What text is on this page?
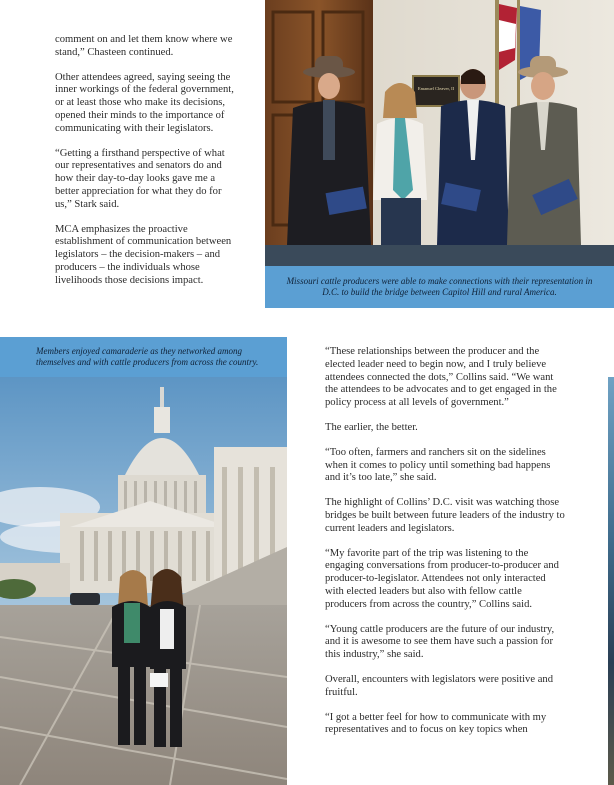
comment on and let them know where we stand,” Chasteen continued.

Other attendees agreed, saying seeing the inner workings of the federal government, or at least those who make its decisions, opened their minds to the importance of communicating with their legislators.

“Getting a firsthand perspective of what our representatives and senators do and how their day-to-day looks gave me a better appreciation for what they do for us,” Stark said.

MCA emphasizes the proactive establishment of communication between legislators – the decision-makers – and producers – the individuals whose livelihoods those decisions impact.

Emanuel Cleaver, II
Missouri cattle producers were able to make connections with their representation in D.C. to build the bridge between Capitol Hill and rural America.
Members enjoyed camaraderie as they networked among themselves and with cattle producers from across the country.

“These relationships between the producer and the elected leader need to begin now, and I truly believe attendees connected the dots,” Collins said. “We want the attendees to be advocates and to get engaged in the policy process at all levels of government.”

The earlier, the better.

“Too often, farmers and ranchers sit on the sidelines when it comes to policy until something bad happens and it’s too late,” she said.

The highlight of Collins’ D.C. visit was watching those bridges be built between future leaders of the industry to current leaders and legislators.

“My favorite part of the trip was listening to the engaging conversations from producer-to-producer and producer-to-legislator. Attendees not only interacted with elected leaders but also with fellow cattle producers from across the country,” Collins said.

“Young cattle producers are the future of our industry, and it is awesome to see them have such a passion for this industry,” she said.

Overall, encounters with legislators were positive and fruitful.

“I got a better feel for how to communicate with my representatives and to focus on key topics when
